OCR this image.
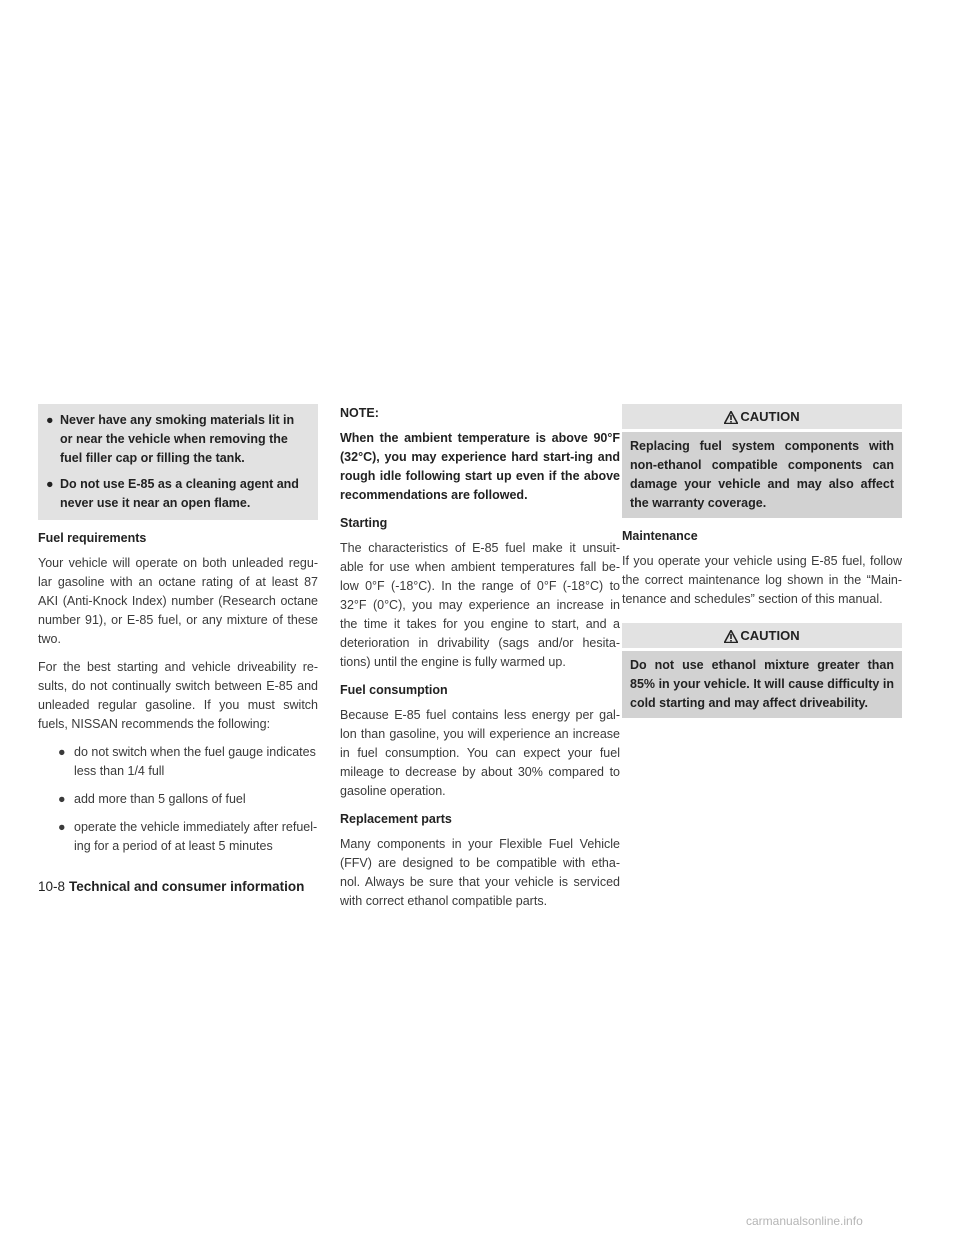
● Never have any smoking materials lit in or near the vehicle when removing the fuel filler cap or filling the tank.
● Do not use E-85 as a cleaning agent and never use it near an open flame.
Fuel requirements

Your vehicle will operate on both unleaded regu-lar gasoline with an octane rating of at least 87 AKI (Anti-Knock Index) number (Research octane number 91), or E-85 fuel, or any mixture of these two.

For the best starting and vehicle driveability re-sults, do not continually switch between E-85 and unleaded regular gasoline. If you must switch fuels, NISSAN recommends the following:

● do not switch when the fuel gauge indicates less than 1/4 full
● add more than 5 gallons of fuel
● operate the vehicle immediately after refuel-ing for a period of at least 5 minutes
NOTE:
When the ambient temperature is above 90°F (32°C), you may experience hard start-ing and rough idle following start up even if the above recommendations are followed.
Starting

The characteristics of E-85 fuel make it unsuit-able for use when ambient temperatures fall be-low 0°F (-18°C). In the range of 0°F (-18°C) to 32°F (0°C), you may experience an increase in the time it takes for you engine to start, and a deterioration in drivability (sags and/or hesita-tions) until the engine is fully warmed up.

Fuel consumption

Because E-85 fuel contains less energy per gal-lon than gasoline, you will experience an increase in fuel consumption. You can expect your fuel mileage to decrease by about 30% compared to gasoline operation.

Replacement parts

Many components in your Flexible Fuel Vehicle (FFV) are designed to be compatible with etha-nol. Always be sure that your vehicle is serviced with correct ethanol compatible parts.

CAUTION
Replacing fuel system components with non-ethanol compatible components can damage your vehicle and may also affect the warranty coverage.
Maintenance

If you operate your vehicle using E-85 fuel, follow the correct maintenance log shown in the “Main-tenance and schedules” section of this manual.

CAUTION
Do not use ethanol mixture greater than 85% in your vehicle. It will cause difficulty in cold starting and may affect driveability.
10-8 Technical and consumer information
carmanualsonline.info
